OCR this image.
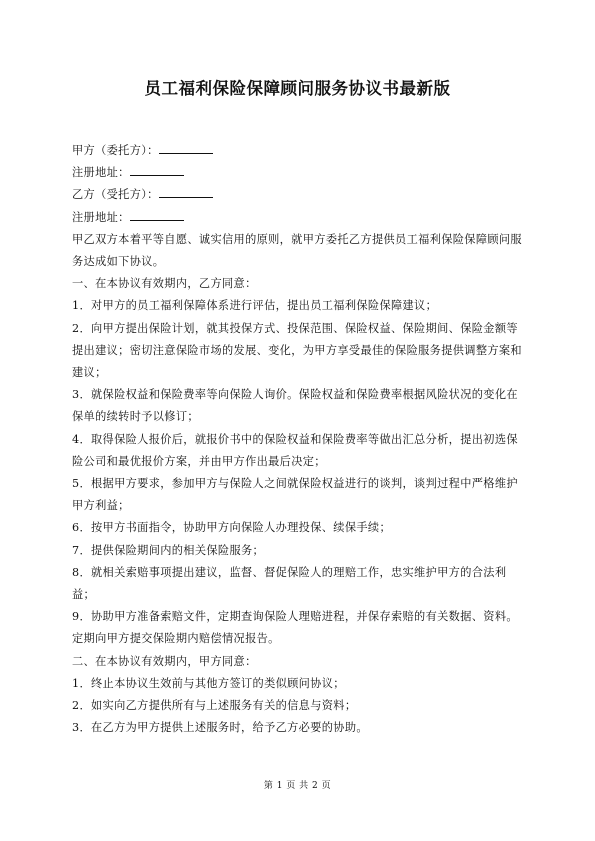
员工福利保险保障顾问服务协议书最新版

甲方（委托方）：

注册地址：

乙方（受托方）：

注册地址：

甲乙双方本着平等自愿、诚实信用的原则，就甲方委托乙方提供员工福利保险保障顾问服务达成如下协议。

一、在本协议有效期内，乙方同意：

1．对甲方的员工福利保障体系进行评估，提出员工福利保险保障建议；

2．向甲方提出保险计划，就其投保方式、投保范围、保险权益、保险期间、保险金额等提出建议；密切注意保险市场的发展、变化，为甲方享受最佳的保险服务提供调整方案和建议；

3．就保险权益和保险费率等向保险人询价。保险权益和保险费率根据风险状况的变化在保单的续转时予以修订；

4．取得保险人报价后，就报价书中的保险权益和保险费率等做出汇总分析，提出初选保险公司和最优报价方案，并由甲方作出最后决定；

5．根据甲方要求，参加甲方与保险人之间就保险权益进行的谈判，谈判过程中严格维护甲方利益；

6．按甲方书面指令，协助甲方向保险人办理投保、续保手续；

7．提供保险期间内的相关保险服务；

8．就相关索赔事项提出建议，监督、督促保险人的理赔工作，忠实维护甲方的合法利益；

9．协助甲方准备索赔文件，定期查询保险人理赔进程，并保存索赔的有关数据、资料。定期向甲方提交保险期内赔偿情况报告。

二、在本协议有效期内，甲方同意：

1．终止本协议生效前与其他方签订的类似顾问协议；

2．如实向乙方提供所有与上述服务有关的信息与资料；

3．在乙方为甲方提供上述服务时，给予乙方必要的协助。

第 1 页 共 2 页
